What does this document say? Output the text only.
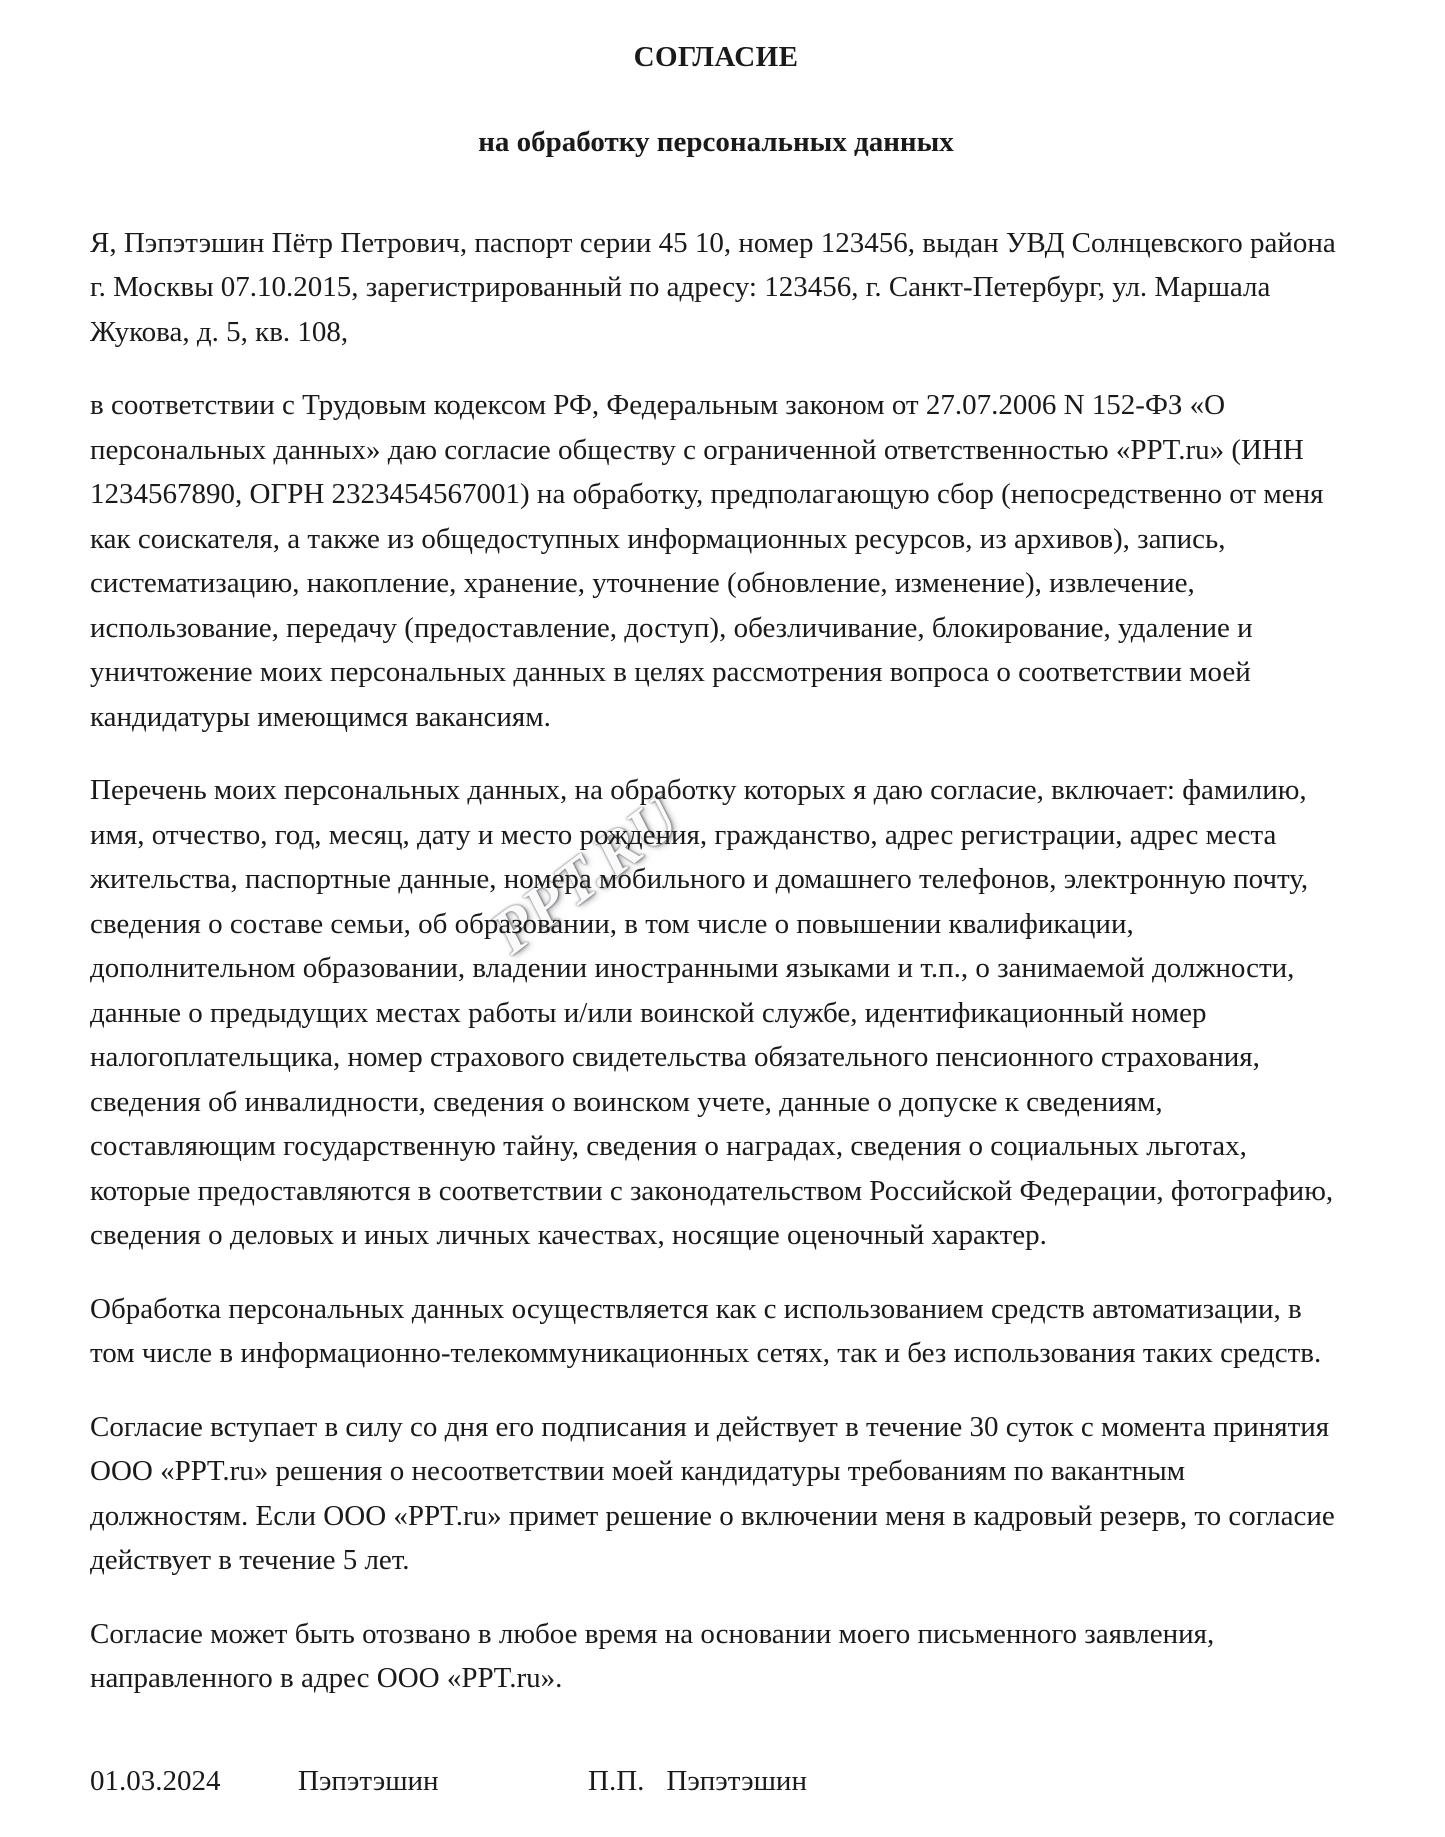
PPT.RU
СОГЛАСИЕ
на обработку персональных данных

Я, Пэпэтэшин Пётр Петрович, паспорт серии 45 10, номер 123456, выдан УВД Солнцевского района г. Москвы 07.10.2015, зарегистрированный по адресу: 123456, г. Санкт-Петербург, ул. Маршала Жукова, д. 5, кв. 108,

в соответствии с Трудовым кодексом РФ, Федеральным законом от 27.07.2006 N 152-ФЗ «О персональных данных» даю согласие обществу с ограниченной ответственностью «PPT.ru» (ИНН 1234567890, ОГРН 2323454567001) на обработку, предполагающую сбор (непосредственно от меня как соискателя, а также из общедоступных информационных ресурсов, из архивов), запись, систематизацию, накопление, хранение, уточнение (обновление, изменение), извлечение, использование, передачу (предоставление, доступ), обезличивание, блокирование, удаление и уничтожение моих персональных данных в целях рассмотрения вопроса о соответствии моей кандидатуры имеющимся вакансиям.

Перечень моих персональных данных, на обработку которых я даю согласие, включает: фамилию, имя, отчество, год, месяц, дату и место рождения, гражданство, адрес регистрации, адрес места жительства, паспортные данные, номера мобильного и домашнего телефонов, электронную почту, сведения о составе семьи, об образовании, в том числе о повышении квалификации, дополнительном образовании, владении иностранными языками и т.п., о занимаемой должности, данные о предыдущих местах работы и/или воинской службе, идентификационный номер налогоплательщика, номер страхового свидетельства обязательного пенсионного страхования, сведения об инвалидности, сведения о воинском учете, данные о допуске к сведениям, составляющим государственную тайну, сведения о наградах, сведения о социальных льготах, которые предоставляются в соответствии с законодательством Российской Федерации, фотографию, сведения о деловых и иных личных качествах, носящие оценочный характер.

Обработка персональных данных осуществляется как с использованием средств автоматизации, в том числе в информационно-телекоммуникационных сетях, так и без использования таких средств.

Согласие вступает в силу со дня его подписания и действует в течение 30 суток с момента принятия ООО «PPT.ru» решения о несоответствии моей кандидатуры требованиям по вакантным должностям. Если ООО «PPT.ru» примет решение о включении меня в кадровый резерв, то согласие действует в течение 5 лет.

Согласие может быть отозвано в любое время на основании моего письменного заявления, направленного в адрес ООО «PPT.ru».

01.03.2024	Пэпэтэшин	П.П. Пэпэтэшин
